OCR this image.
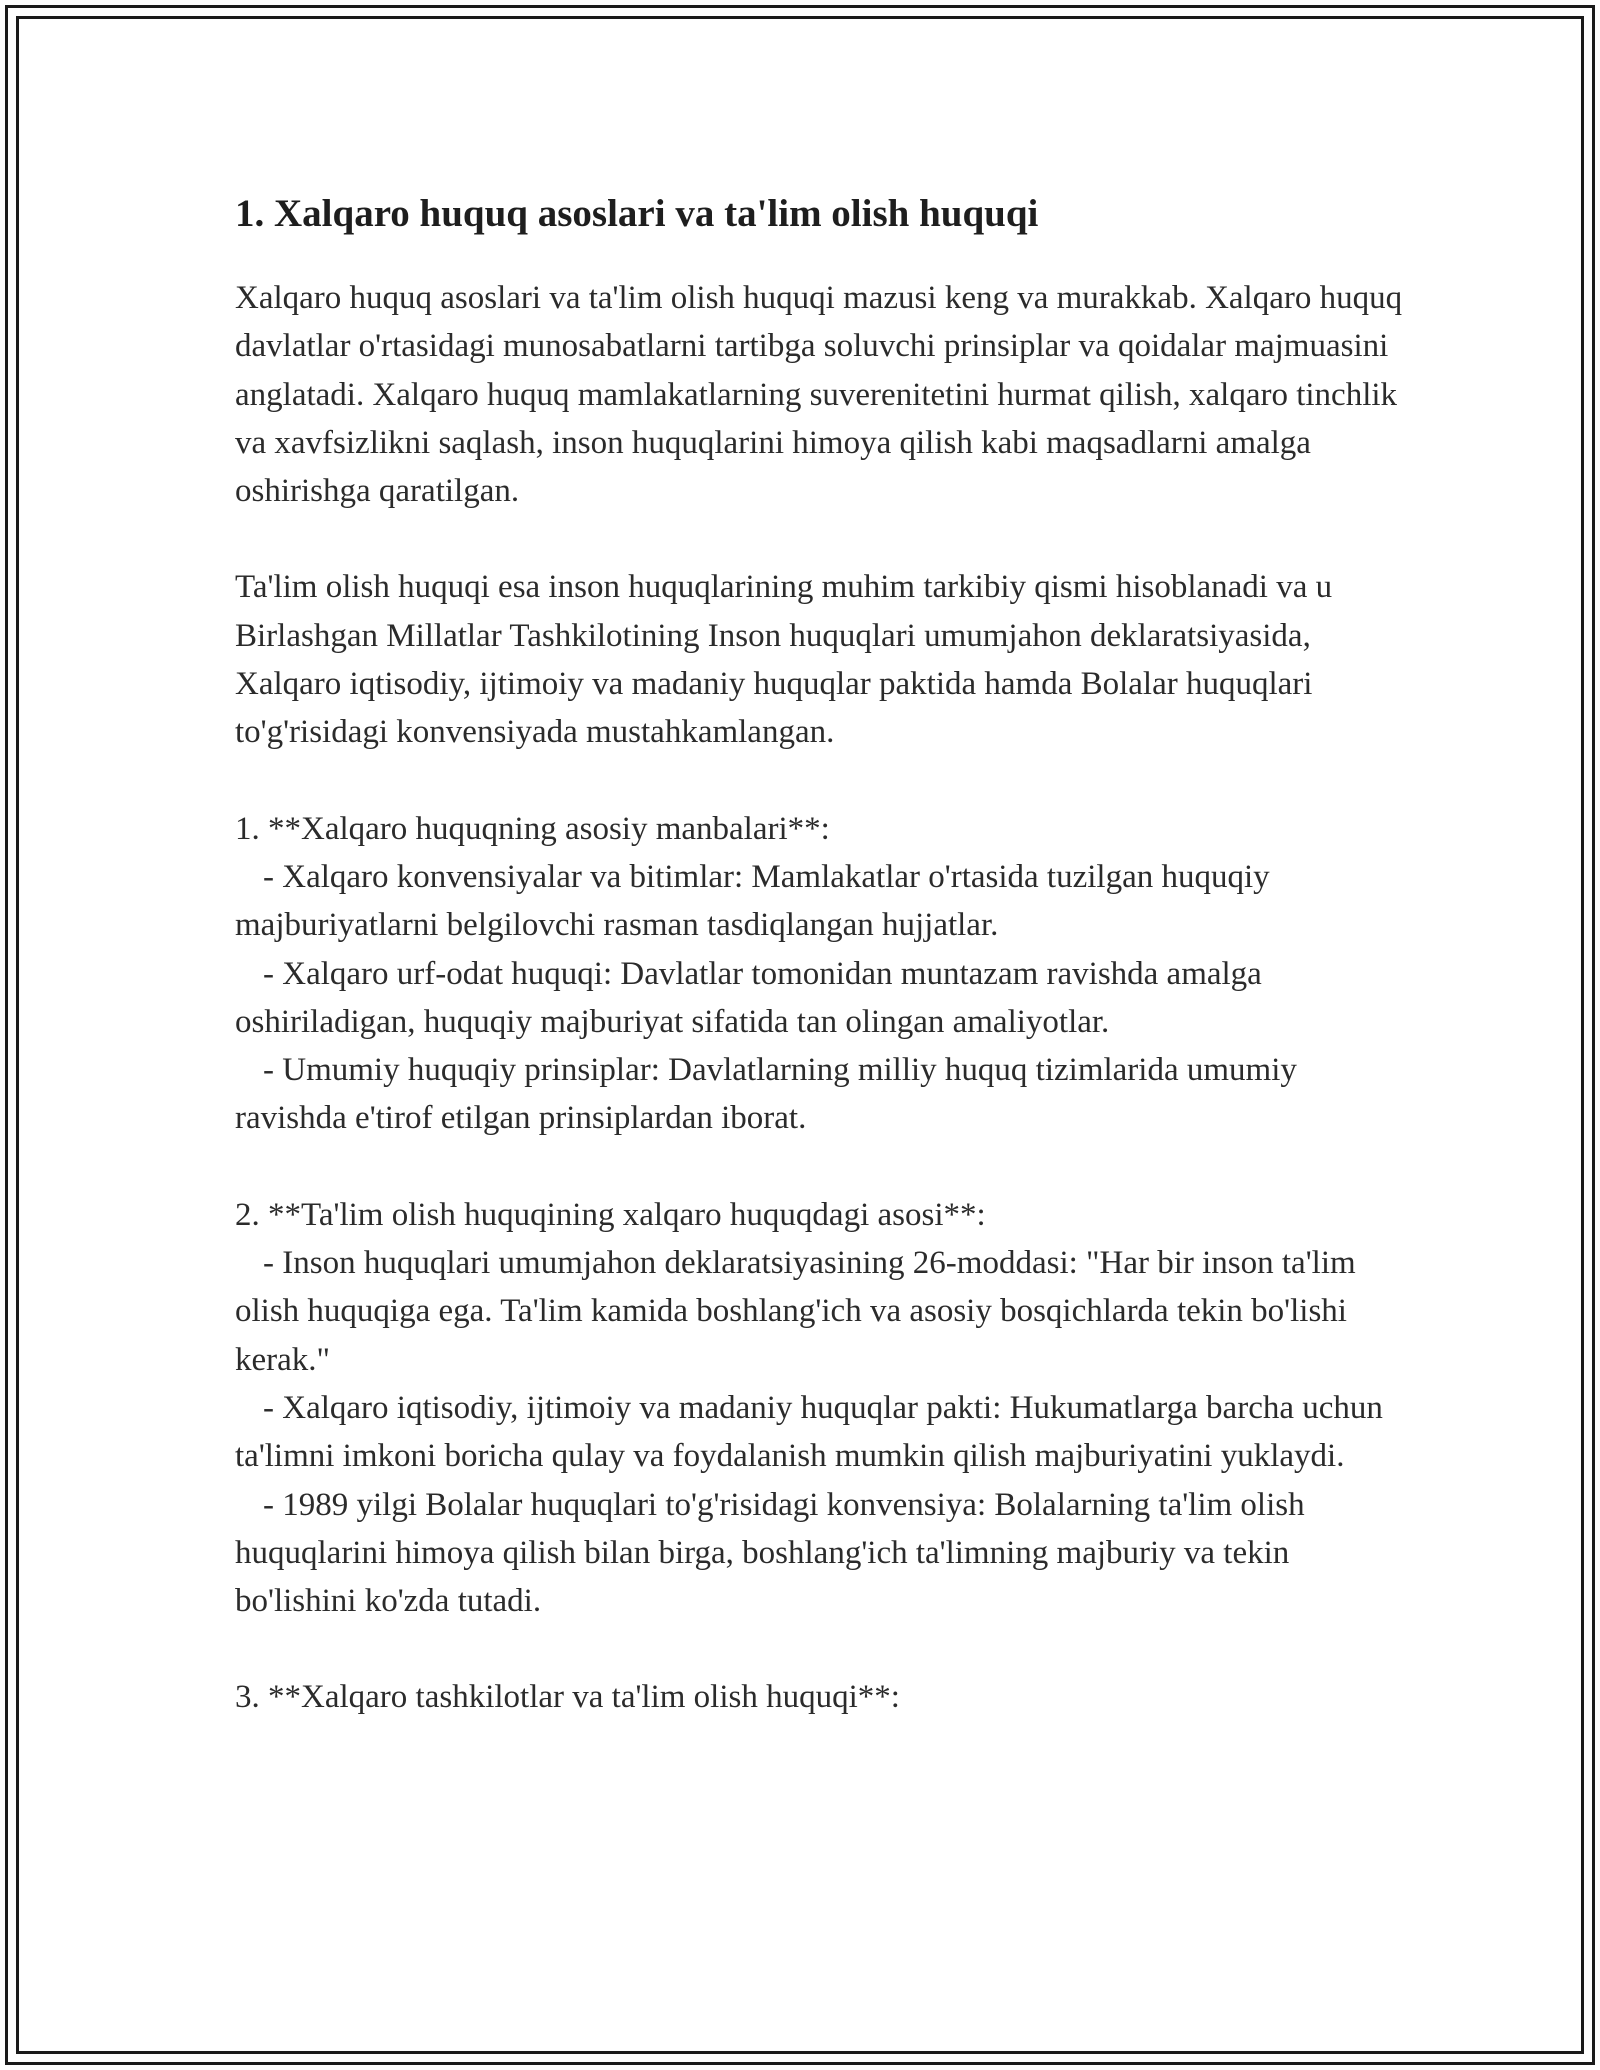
1. Xalqaro huquq asoslari va ta'lim olish huquqi

Xalqaro huquq asoslari va ta'lim olish huquqi mazusi keng va murakkab. Xalqaro huquq davlatlar o'rtasidagi munosabatlarni tartibga soluvchi prinsiplar va qoidalar majmuasini anglatadi. Xalqaro huquq mamlakatlarning suverenitetini hurmat qilish, xalqaro tinchlik va xavfsizlikni saqlash, inson huquqlarini himoya qilish kabi maqsadlarni amalga oshirishga qaratilgan.

Ta'lim olish huquqi esa inson huquqlarining muhim tarkibiy qismi hisoblanadi va u Birlashgan Millatlar Tashkilotining Inson huquqlari umumjahon deklaratsiyasida, Xalqaro iqtisodiy, ijtimoiy va madaniy huquqlar paktida hamda Bolalar huquqlari to'g'risidagi konvensiyada mustahkamlangan.

1. **Xalqaro huquqning asosiy manbalari**:

- Xalqaro konvensiyalar va bitimlar: Mamlakatlar o'rtasida tuzilgan huquqiy majburiyatlarni belgilovchi rasman tasdiqlangan hujjatlar.

- Xalqaro urf-odat huquqi: Davlatlar tomonidan muntazam ravishda amalga oshiriladigan, huquqiy majburiyat sifatida tan olingan amaliyotlar.

- Umumiy huquqiy prinsiplar: Davlatlarning milliy huquq tizimlarida umumiy ravishda e'tirof etilgan prinsiplardan iborat.

2. **Ta'lim olish huquqining xalqaro huquqdagi asosi**:

- Inson huquqlari umumjahon deklaratsiyasining 26-moddasi: "Har bir inson ta'lim olish huquqiga ega. Ta'lim kamida boshlang'ich va asosiy bosqichlarda tekin bo'lishi kerak."

- Xalqaro iqtisodiy, ijtimoiy va madaniy huquqlar pakti: Hukumatlarga barcha uchun ta'limni imkoni boricha qulay va foydalanish mumkin qilish majburiyatini yuklaydi.

- 1989 yilgi Bolalar huquqlari to'g'risidagi konvensiya: Bolalarning ta'lim olish huquqlarini himoya qilish bilan birga, boshlang'ich ta'limning majburiy va tekin bo'lishini ko'zda tutadi.

3. **Xalqaro tashkilotlar va ta'lim olish huquqi**:
